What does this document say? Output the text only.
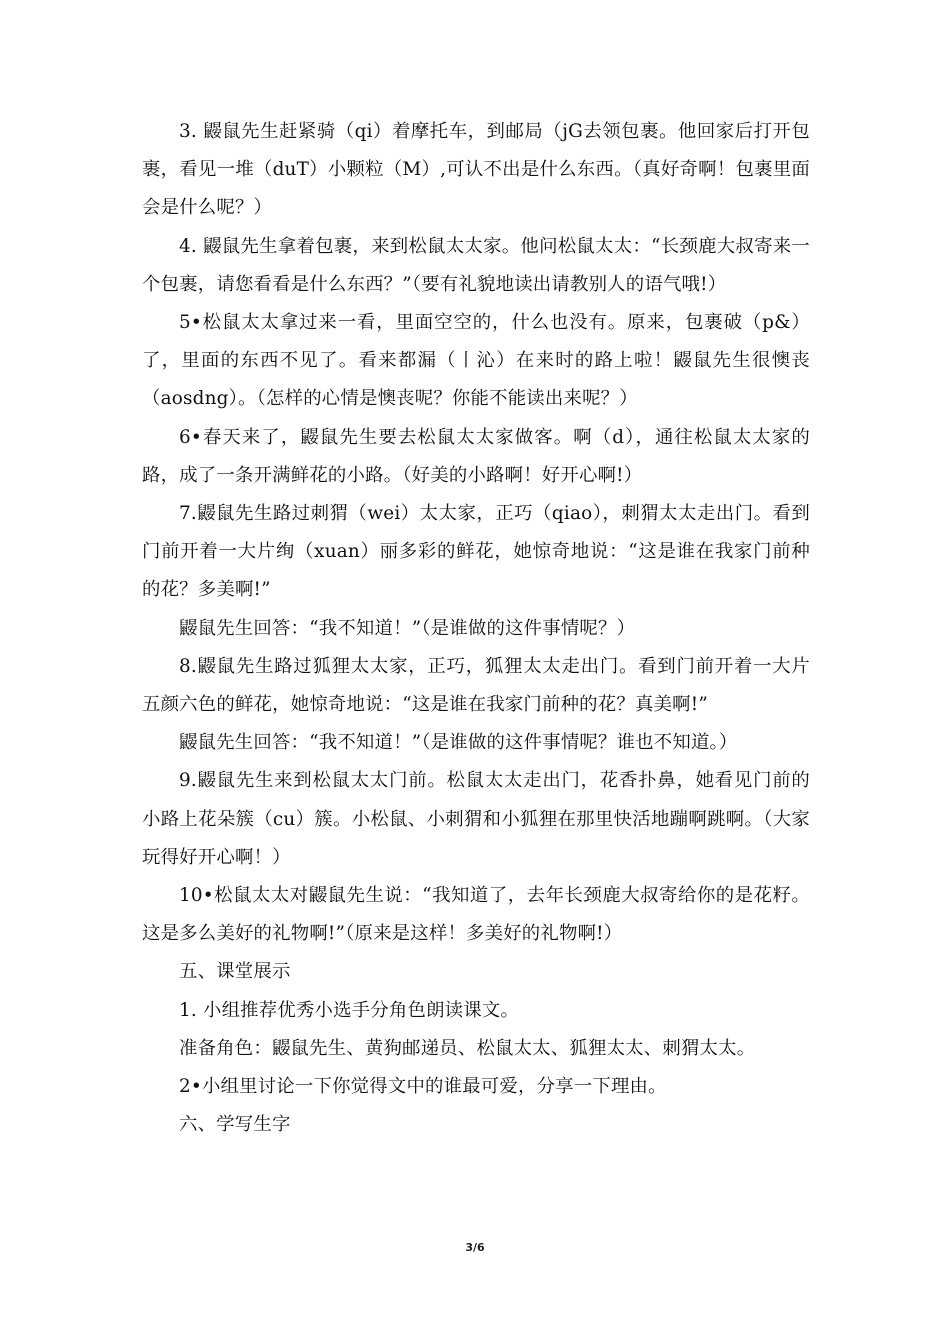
3. 鼹鼠先生赶紧骑（qi）着摩托车，到邮局（jG去领包裹。他回家后打开包裹，看见一堆（duT）小颗粒（M）,可认不出是什么东西。（真好奇啊！包裹里面会是什么呢？）

4. 鼹鼠先生拿着包裹，来到松鼠太太家。他问松鼠太太：“长颈鹿大叔寄来一个包裹，请您看看是什么东西？”（要有礼貌地读出请教别人的语气哦!）

5•松鼠太太拿过来一看，里面空空的，什么也没有。原来，包裹破（p&）了，里面的东西不见了。看来都漏（丨沁）在来时的路上啦！鼹鼠先生很懊丧（aosdng）。（怎样的心情是懊丧呢？你能不能读出来呢？）

6•春天来了，鼹鼠先生要去松鼠太太家做客。啊（d），通往松鼠太太家的路，成了一条开满鲜花的小路。（好美的小路啊！好开心啊!）

7.鼹鼠先生路过刺猬（wei）太太家，正巧（qiao），刺猬太太走出门。看到门前开着一大片绚（xuan）丽多彩的鲜花，她惊奇地说：“这是谁在我家门前种的花？多美啊!”

鼹鼠先生回答：“我不知道！”（是谁做的这件事情呢？）

8.鼹鼠先生路过狐狸太太家，正巧，狐狸太太走出门。看到门前开着一大片五颜六色的鲜花，她惊奇地说：“这是谁在我家门前种的花？真美啊!”

鼹鼠先生回答：“我不知道！”（是谁做的这件事情呢？谁也不知道。）

9.鼹鼠先生来到松鼠太太门前。松鼠太太走出门，花香扑鼻，她看见门前的小路上花朵簇（cu）簇。小松鼠、小刺猬和小狐狸在那里快活地蹦啊跳啊。（大家玩得好开心啊！）

10•松鼠太太对鼹鼠先生说：“我知道了，去年长颈鹿大叔寄给你的是花籽。这是多么美好的礼物啊!”（原来是这样！多美好的礼物啊!）

五、课堂展示

1. 小组推荐优秀小选手分角色朗读课文。

准备角色：鼹鼠先生、黄狗邮递员、松鼠太太、狐狸太太、刺猬太太。

2•小组里讨论一下你觉得文中的谁最可爱，分享一下理由。

六、学写生字

3/6
